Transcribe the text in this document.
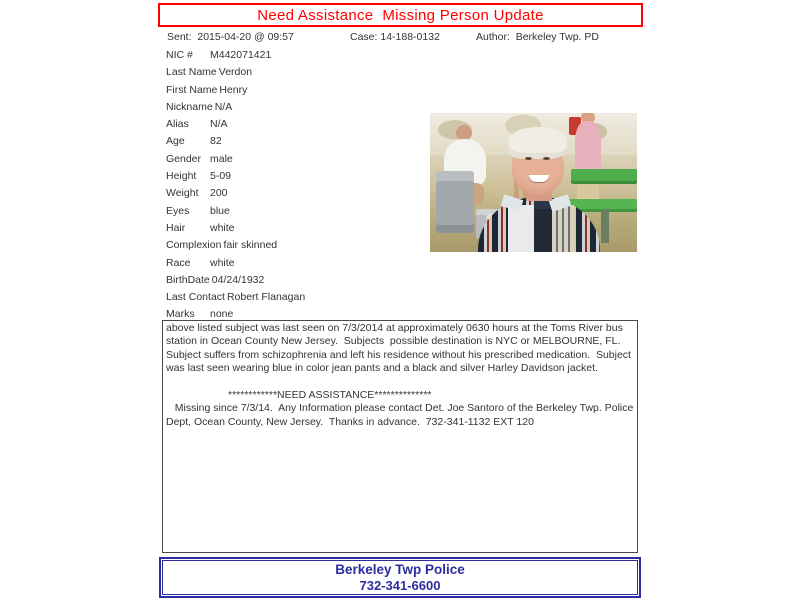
Need Assistance  Missing Person Update
Sent: 2015-04-20 @ 09:57	Case: 14-188-0132	Author: Berkeley Twp. PD
NIC # M442071421
Last Name Verdon
First Name Henry
Nickname N/A
Alias N/A
Age 82
Gender male
Height 5-09
Weight 200
Eyes blue
Hair white
Complexion fair skinned
Race white
BirthDate 04/24/1932
Last Contact Robert Flanagan
Marks none
above listed subject was last seen on 7/3/2014 at approximately 0630 hours at the Toms River bus station in Ocean County New Jersey.  Subjects  possible destination is NYC or MELBOURNE, FL.  Subject suffers from schizophrenia and left his residence without his prescribed medication.  Subject was last seen wearing blue in color jean pants and a black and silver Harley Davidson jacket.
************NEED ASSISTANCE**************
Missing since 7/3/14.  Any Information please contact Det. Joe Santoro of the Berkeley Twp. Police Dept, Ocean County, New Jersey.  Thanks in advance.  732-341-1132 EXT 120
Berkeley Twp Police
732-341-6600
